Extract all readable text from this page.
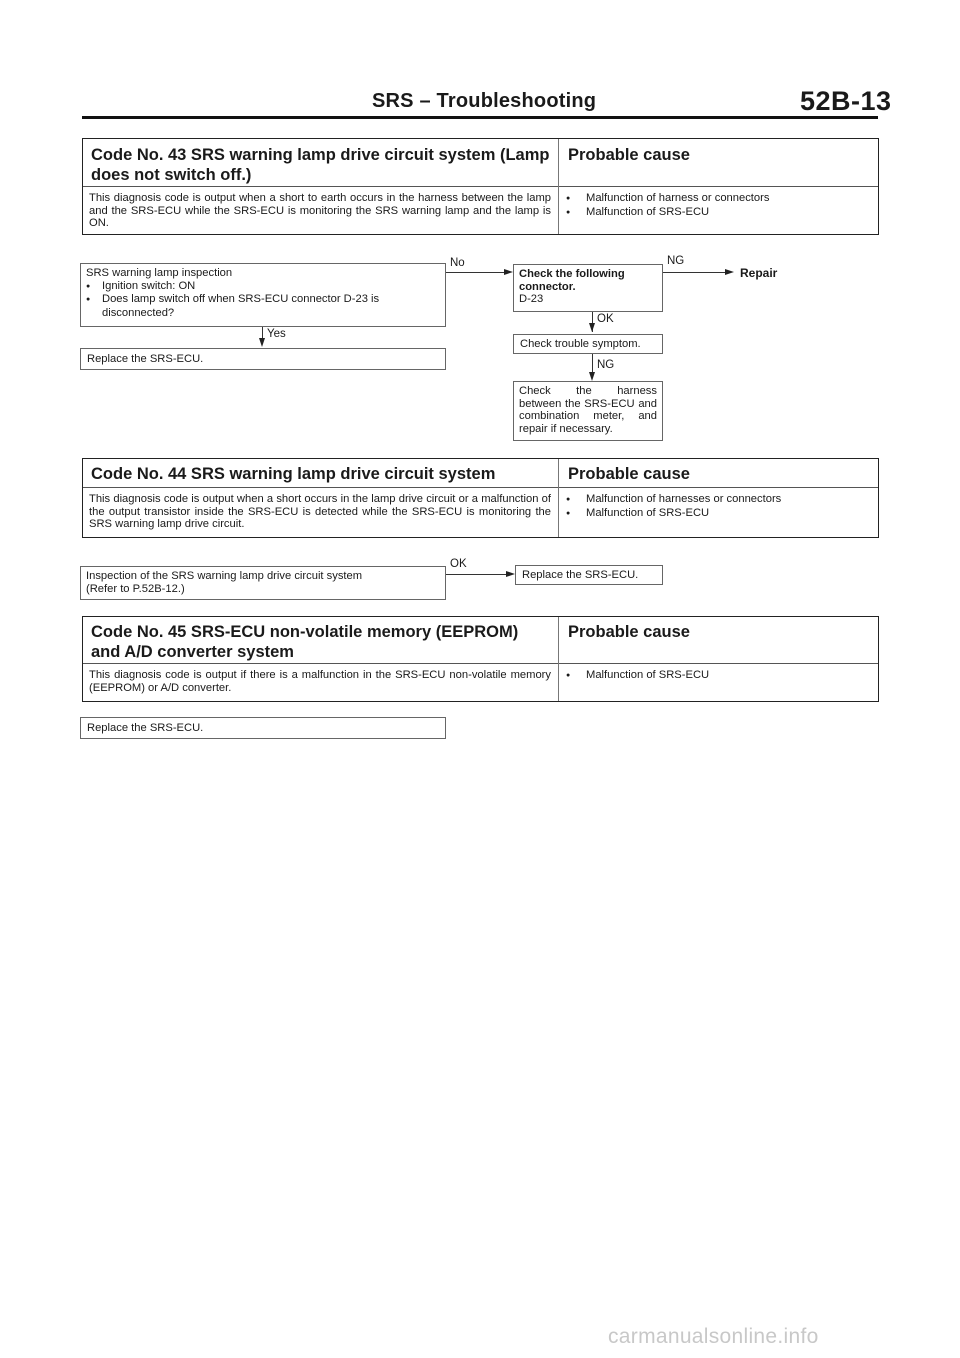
SRS – Troubleshooting	52B-13
Code No. 43 SRS warning lamp drive circuit system (Lamp
does not switch off.)
Probable cause
This diagnosis code is output when a short to earth occurs in the harness between the lamp and the SRS-ECU while the SRS-ECU is monitoring the SRS warning lamp and the lamp is ON.
● Malfunction of harness or connectors
● Malfunction of SRS-ECU
SRS warning lamp inspection
● Ignition switch: ON
● Does lamp switch off when SRS-ECU connector D-23 is
disconnected?
No
Check the following
connector.
D-23
NG
Repair
OK
Check trouble symptom.
NG
Check the harness between the SRS-ECU and combination meter, and repair if necessary.
Yes
Replace the SRS-ECU.
Code No. 44 SRS warning lamp drive circuit system	Probable cause
This diagnosis code is output when a short occurs in the lamp drive circuit or a malfunction of the output transistor inside the SRS-ECU is detected while the SRS-ECU is monitoring the SRS warning lamp drive circuit.
● Malfunction of harnesses or connectors
● Malfunction of SRS-ECU
Inspection of the SRS warning lamp drive circuit system
(Refer to P.52B-12.)
OK
Replace the SRS-ECU.
Code No. 45 SRS-ECU non-volatile memory (EEPROM)
and A/D converter system
Probable cause
This diagnosis code is output if there is a malfunction in the SRS-ECU non-volatile memory (EEPROM) or A/D converter.
● Malfunction of SRS-ECU
Replace the SRS-ECU.
carmanualsonline.info
